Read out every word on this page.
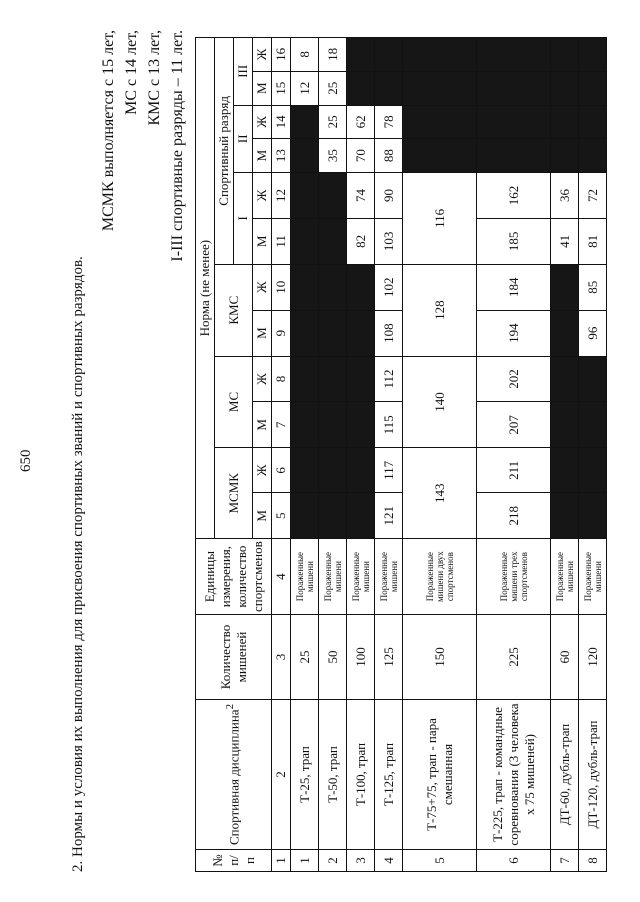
650 2. Нормы и условия их выполнения для присвоения спортивных званий и спортивных разрядов.
МСМК выполняется с 15 лет, МС с 14 лет, КМС с 13 лет, I-III спортивные разряды – 11 лет.
№ п/п	Спортивная дисциплина$^2$	Количество мишеней	Единицы измерения, количество спортсменов	Норма (не менее)											
				МСМК		МС		КМС		Спортивный разряд					
										I		II		III	
				М	Ж	М	Ж	М	Ж	М	Ж	М	Ж	М	Ж
1	2	3	4	5	6	7	8	9	10	11	12	13	14	15	16
1	Т-25, трап	25	Пораженные мишени											12	8
2	Т-50, трап	50	Пораженные мишени									35	25	25	18
3	Т-100, трап	100	Пораженные мишени							82	74	70	62		
4	Т-125, трап	125	Пораженные мишени	121	117	115	112	108	102	103	90	88	78		
5	Т-75+75, трап - пара смешанная	150	Пораженные мишени двух спортсменов	143		140		128		116					
6	Т-225, трап - командные соревнования (3 человека х 75 мишеней)	225	Пораженные мишени трех спортсменов	218	211	207	202	194	184	185	162				
7	ДТ-60, дубль-трап	60	Пораженные мишени							41	36				
8	ДТ-120, дубль-трап	120	Пораженные мишени					96	85	81	72				
